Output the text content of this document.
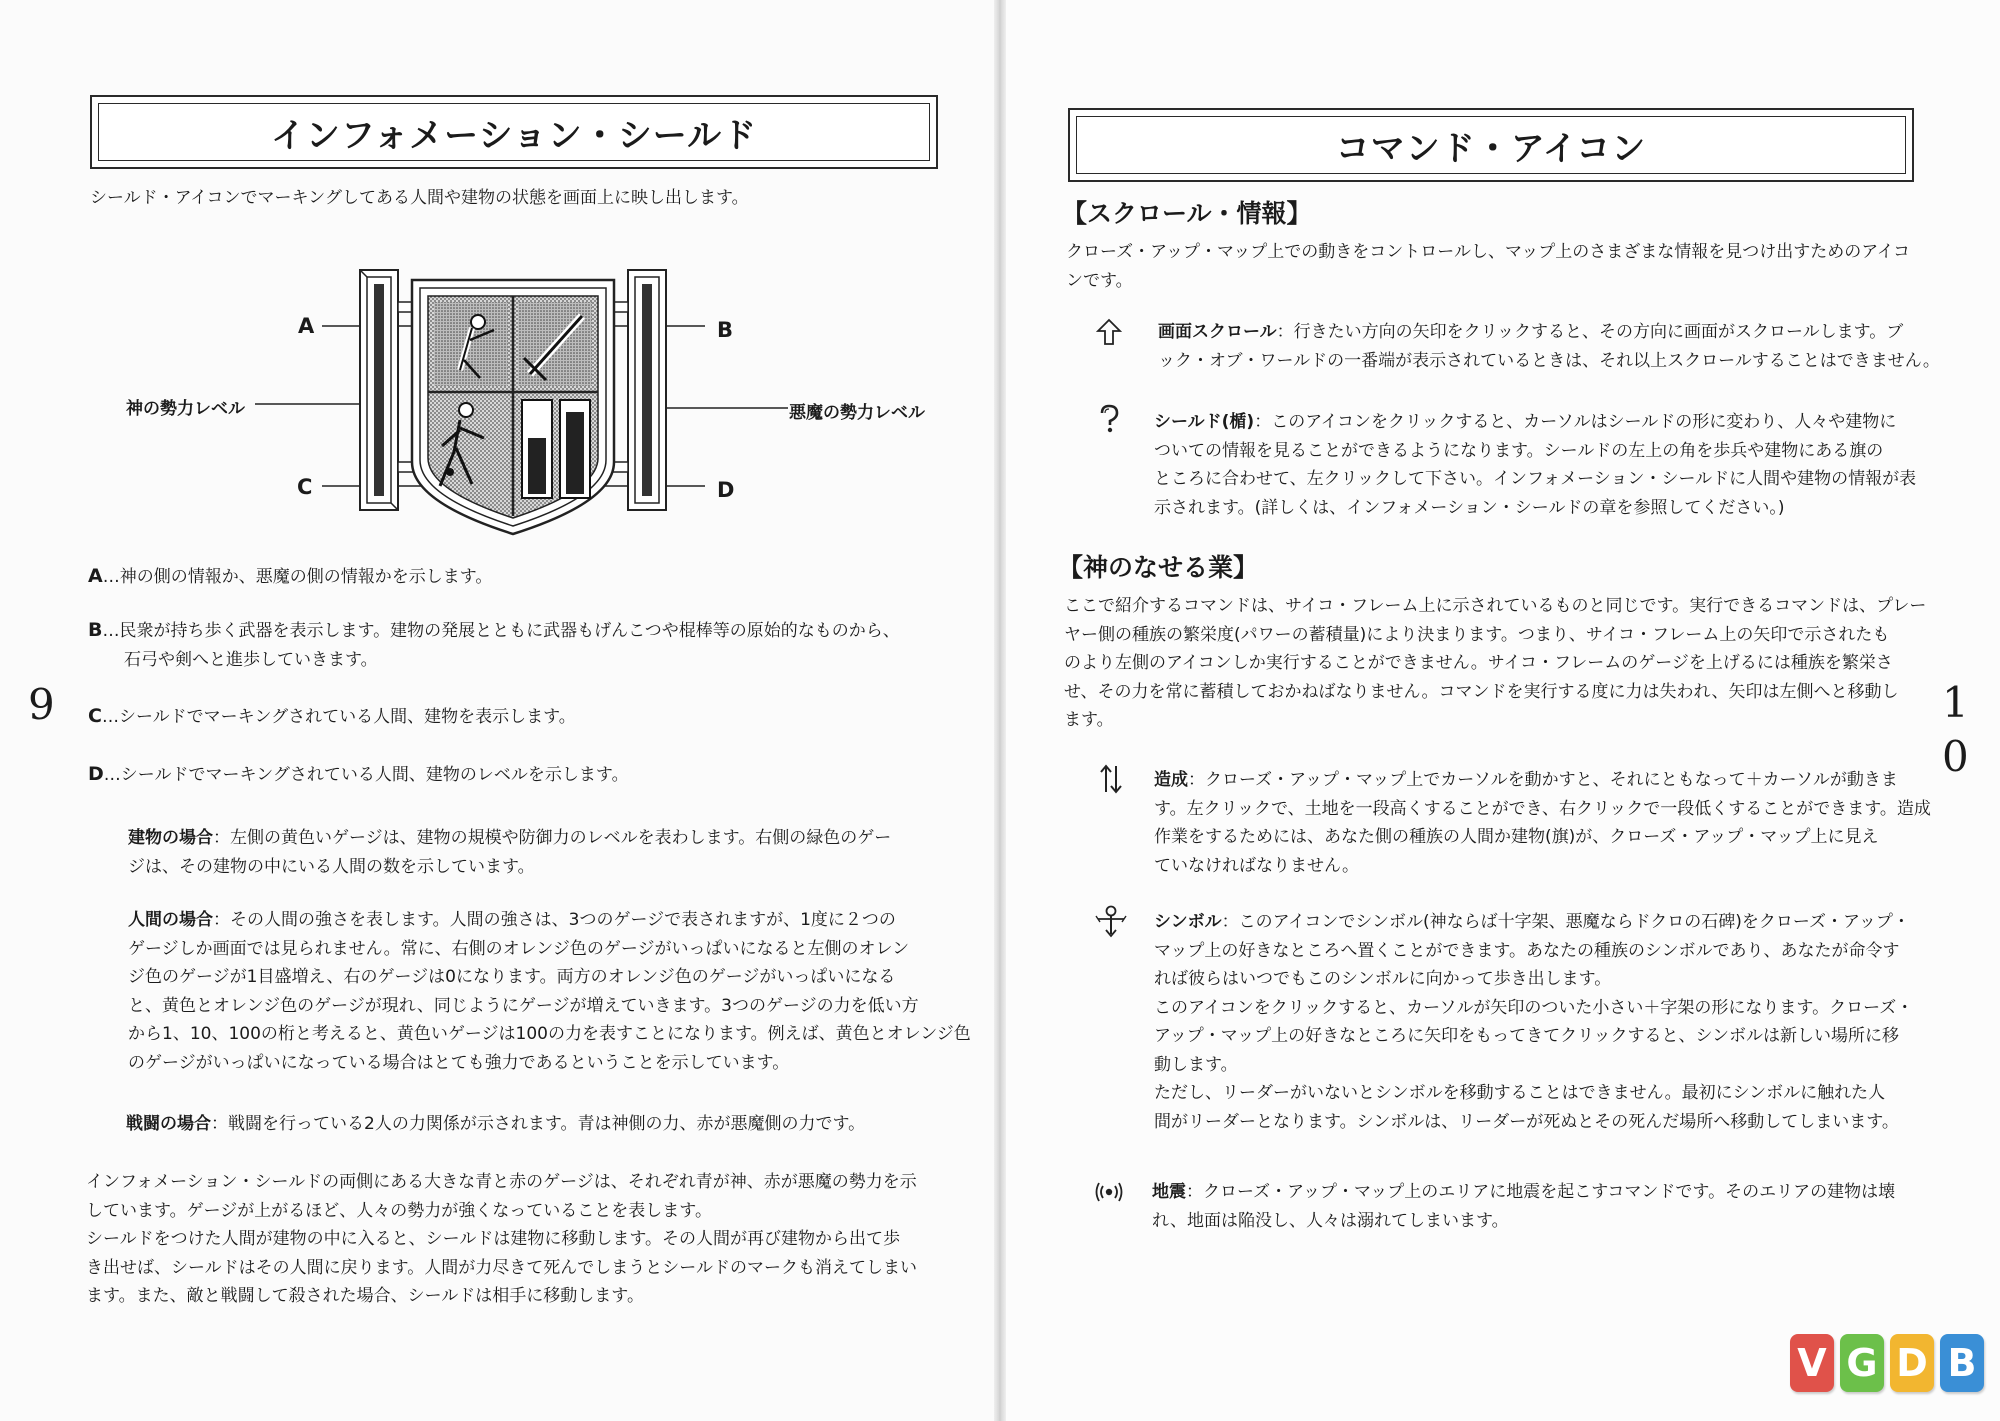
インフォメーション・シールド
シールド・アイコンでマーキングしてある人間や建物の状態を画面上に映し出します。
A	B
C	D
神の勢力レベル	悪魔の勢力レベル
9
A…神の側の情報か、悪魔の側の情報かを示します。
B…民衆が持ち歩く武器を表示します。建物の発展とともに武器もげんこつや棍棒等の原始的なものから、
石弓や剣へと進歩していきます。
C…シールドでマーキングされている人間、建物を表示します。
D…シールドでマーキングされている人間、建物のレベルを示します。
建物の場合：左側の黄色いゲージは、建物の規模や防御力のレベルを表わします。右側の緑色のゲー
ジは、その建物の中にいる人間の数を示しています。
人間の場合：その人間の強さを表します。人間の強さは、3つのゲージで表されますが、1度に２つの
ゲージしか画面では見られません。常に、右側のオレンジ色のゲージがいっぱいになると左側のオレン
ジ色のゲージが1目盛増え、右のゲージは0になります。両方のオレンジ色のゲージがいっぱいになる
と、黄色とオレンジ色のゲージが現れ、同じようにゲージが増えていきます。3つのゲージの力を低い方
から1、10、100の桁と考えると、黄色いゲージは100の力を表すことになります。例えば、黄色とオレンジ色
のゲージがいっぱいになっている場合はとても強力であるということを示しています。
戦闘の場合：戦闘を行っている2人の力関係が示されます。青は神側の力、赤が悪魔側の力です。
インフォメーション・シールドの両側にある大きな青と赤のゲージは、それぞれ青が神、赤が悪魔の勢力を示
しています。ゲージが上がるほど、人々の勢力が強くなっていることを表します。
シールドをつけた人間が建物の中に入ると、シールドは建物に移動します。その人間が再び建物から出て歩
き出せば、シールドはその人間に戻ります。人間が力尽きて死んでしまうとシールドのマークも消えてしまい
ます。また、敵と戦闘して殺された場合、シールドは相手に移動します。
コマンド・アイコン
【スクロール・情報】
クローズ・アップ・マップ上での動きをコントロールし、マップ上のさまざまな情報を見つけ出すためのアイコ
ンです。
画面スクロール：行きたい方向の矢印をクリックすると、その方向に画面がスクロールします。ブ
ック・オブ・ワールドの一番端が表示されているときは、それ以上スクロールすることはできません。
シールド(楯)：このアイコンをクリックすると、カーソルはシールドの形に変わり、人々や建物に
ついての情報を見ることができるようになります。シールドの左上の角を歩兵や建物にある旗の
ところに合わせて、左クリックして下さい。インフォメーション・シールドに人間や建物の情報が表
示されます。(詳しくは、インフォメーション・シールドの章を参照してください。)
【神のなせる業】
ここで紹介するコマンドは、サイコ・フレーム上に示されているものと同じです。実行できるコマンドは、プレー
ヤー側の種族の繁栄度(パワーの蓄積量)により決まります。つまり、サイコ・フレーム上の矢印で示されたも
のより左側のアイコンしか実行することができません。サイコ・フレームのゲージを上げるには種族を繁栄さ
せ、その力を常に蓄積しておかねばなりません。コマンドを実行する度に力は失われ、矢印は左側へと移動し
ます。
造成：クローズ・アップ・マップ上でカーソルを動かすと、それにともなって＋カーソルが動きま
す。左クリックで、土地を一段高くすることができ、右クリックで一段低くすることができます。造成
作業をするためには、あなた側の種族の人間か建物(旗)が、クローズ・アップ・マップ上に見え
ていなければなりません。
シンボル：このアイコンでシンボル(神ならば十字架、悪魔ならドクロの石碑)をクローズ・アップ・
マップ上の好きなところへ置くことができます。あなたの種族のシンボルであり、あなたが命令す
れば彼らはいつでもこのシンボルに向かって歩き出します。
このアイコンをクリックすると、カーソルが矢印のついた小さい＋字架の形になります。クローズ・
アップ・マップ上の好きなところに矢印をもってきてクリックすると、シンボルは新しい場所に移
動します。
ただし、リーダーがいないとシンボルを移動することはできません。最初にシンボルに触れた人
間がリーダーとなります。シンボルは、リーダーが死ぬとその死んだ場所へ移動してしまいます。
地震：クローズ・アップ・マップ上のエリアに地震を起こすコマンドです。そのエリアの建物は壊
れ、地面は陥没し、人々は溺れてしまいます。
1
0
V G D B
